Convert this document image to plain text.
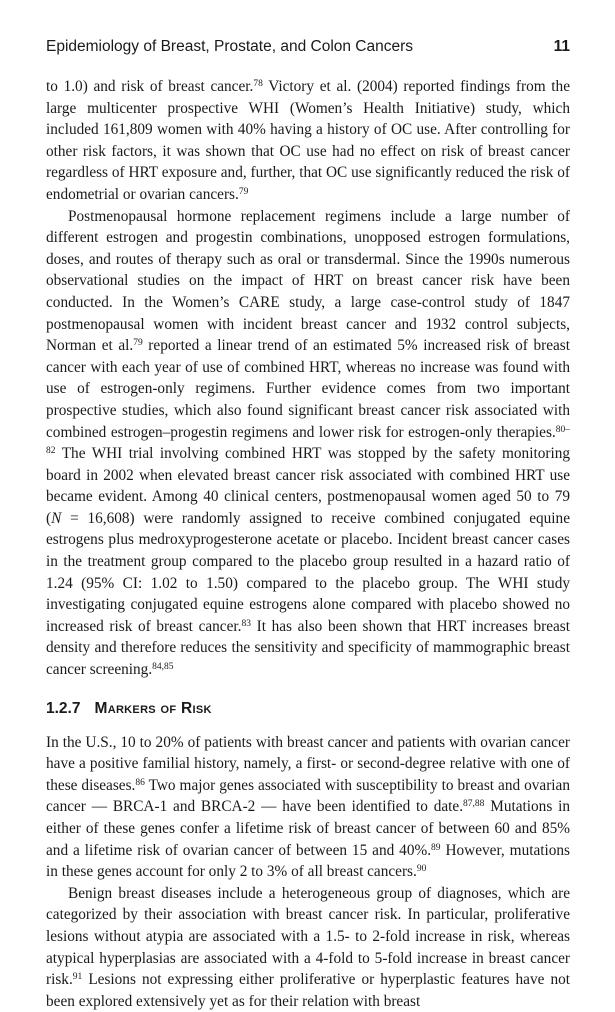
Epidemiology of Breast, Prostate, and Colon Cancers	11

to 1.0) and risk of breast cancer.$^{78}$ Victory et al. (2004) reported findings from the large multicenter prospective WHI (Women’s Health Initiative) study, which included 161,809 women with 40% having a history of OC use. After controlling for other risk factors, it was shown that OC use had no effect on risk of breast cancer regardless of HRT exposure and, further, that OC use significantly reduced the risk of endometrial or ovarian cancers.$^{79}$

Postmenopausal hormone replacement regimens include a large number of different estrogen and progestin combinations, unopposed estrogen formulations, doses, and routes of therapy such as oral or transdermal. Since the 1990s numerous observational studies on the impact of HRT on breast cancer risk have been conducted. In the Women’s CARE study, a large case-control study of 1847 postmenopausal women with incident breast cancer and 1932 control subjects, Norman et al.$^{79}$ reported a linear trend of an estimated 5% increased risk of breast cancer with each year of use of combined HRT, whereas no increase was found with use of estrogen-only regimens. Further evidence comes from two important prospective studies, which also found significant breast cancer risk associated with combined estrogen–progestin regimens and lower risk for estrogen-only therapies.$^{80-82}$ The WHI trial involving combined HRT was stopped by the safety monitoring board in 2002 when elevated breast cancer risk associated with combined HRT use became evident. Among 40 clinical centers, postmenopausal women aged 50 to 79 (N = 16,608) were randomly assigned to receive combined conjugated equine estrogens plus medroxyprogesterone acetate or placebo. Incident breast cancer cases in the treatment group compared to the placebo group resulted in a hazard ratio of 1.24 (95% CI: 1.02 to 1.50) compared to the placebo group. The WHI study investigating conjugated equine estrogens alone compared with placebo showed no increased risk of breast cancer.$^{83}$ It has also been shown that HRT increases breast density and therefore reduces the sensitivity and specificity of mammographic breast cancer screening.$^{84,85}$

1.2.7 Markers of Risk

In the U.S., 10 to 20% of patients with breast cancer and patients with ovarian cancer have a positive familial history, namely, a first- or second-degree relative with one of these diseases.$^{86}$ Two major genes associated with susceptibility to breast and ovarian cancer — BRCA-1 and BRCA-2 — have been identified to date.$^{87,88}$ Mutations in either of these genes confer a lifetime risk of breast cancer of between 60 and 85% and a lifetime risk of ovarian cancer of between 15 and 40%.$^{89}$ However, mutations in these genes account for only 2 to 3% of all breast cancers.$^{90}$

Benign breast diseases include a heterogeneous group of diagnoses, which are categorized by their association with breast cancer risk. In particular, proliferative lesions without atypia are associated with a 1.5- to 2-fold increase in risk, whereas atypical hyperplasias are associated with a 4-fold to 5-fold increase in breast cancer risk.$^{91}$ Lesions not expressing either proliferative or hyperplastic features have not been explored extensively yet as for their relation with breast
